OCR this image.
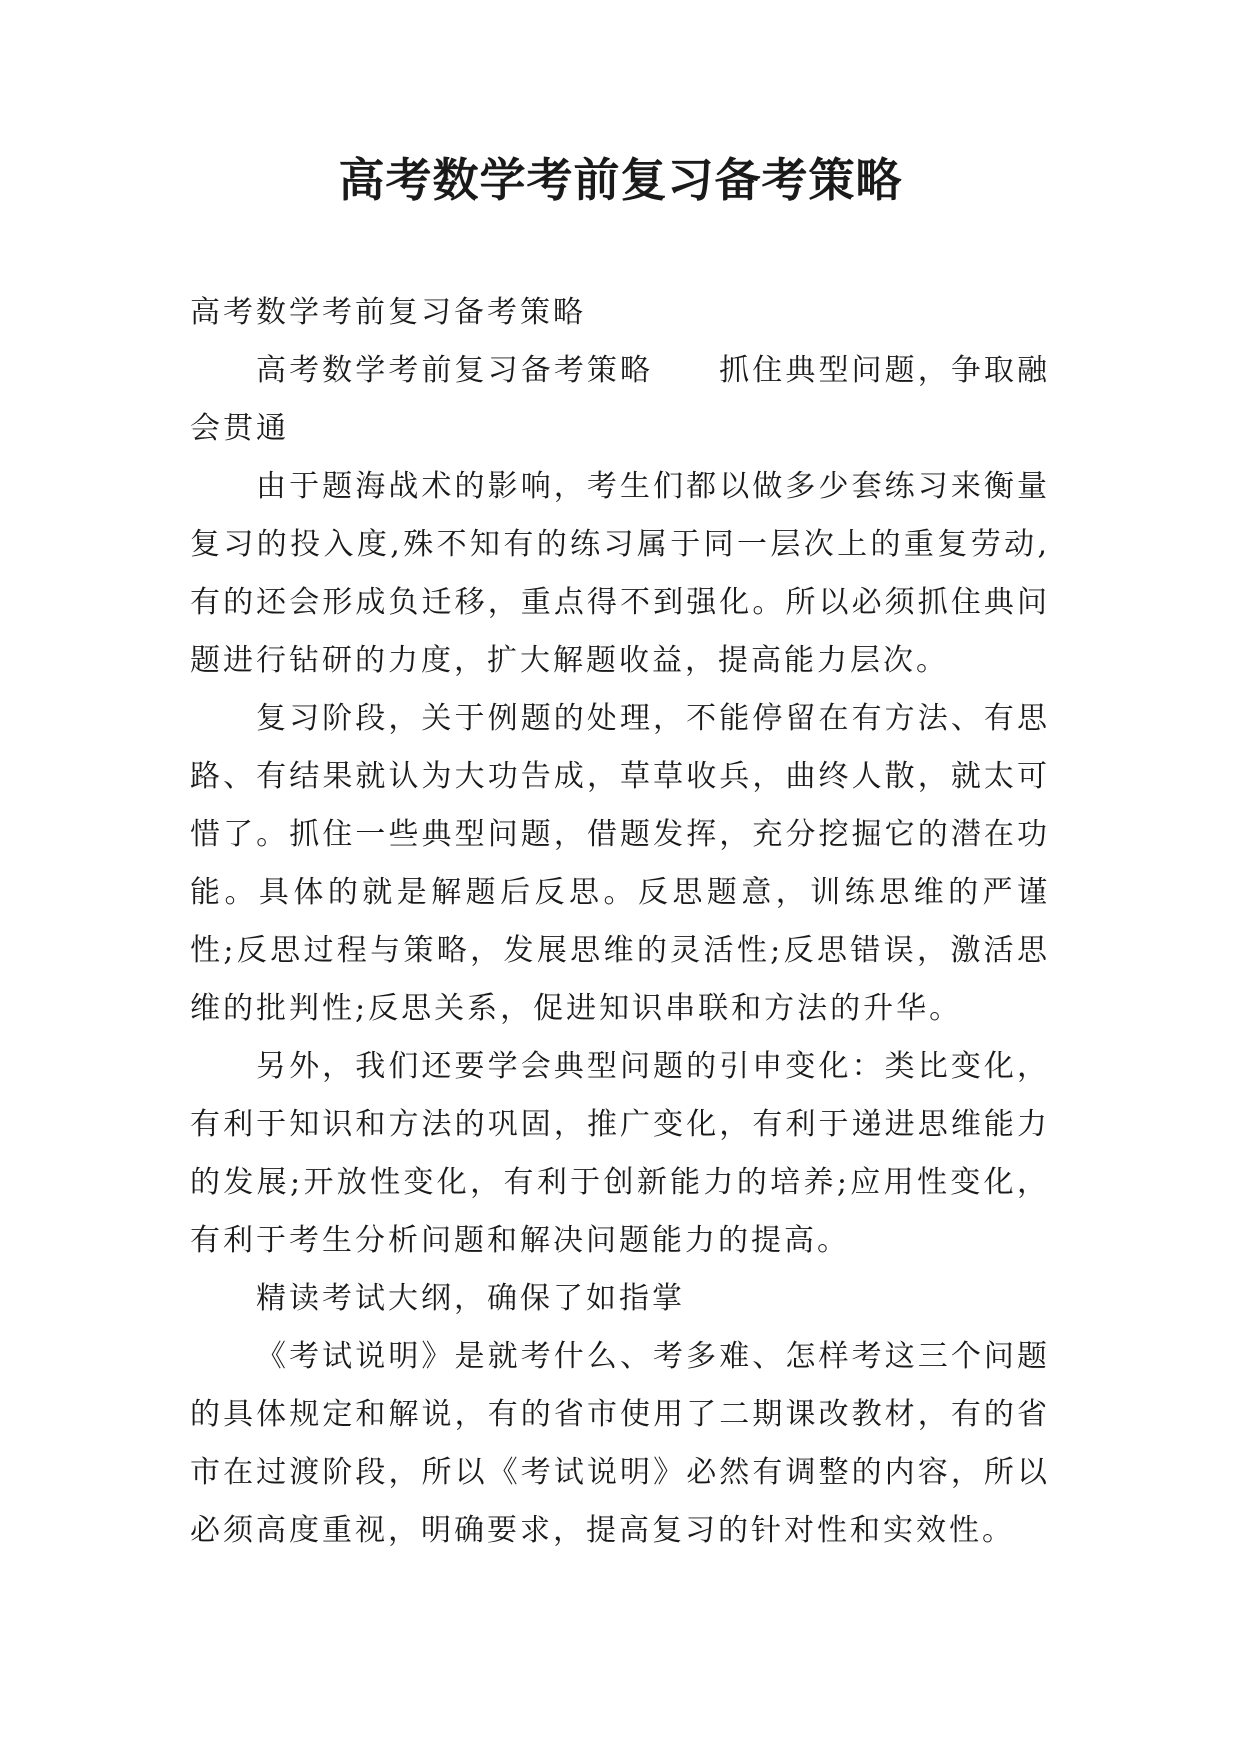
高考数学考前复习备考策略

高考数学考前复习备考策略

高考数学考前复习备考策略 抓住典型问题，争取融会贯通

由于题海战术的影响，考生们都以做多少套练习来衡量复习的投入度,殊不知有的练习属于同一层次上的重复劳动,有的还会形成负迁移，重点得不到强化。所以必须抓住典问题进行钻研的力度，扩大解题收益，提高能力层次。

复习阶段，关于例题的处理，不能停留在有方法、有思路、有结果就认为大功告成，草草收兵，曲终人散，就太可惜了。抓住一些典型问题，借题发挥，充分挖掘它的潜在功能。具体的就是解题后反思。反思题意，训练思维的严谨性;反思过程与策略，发展思维的灵活性;反思错误，激活思维的批判性;反思关系，促进知识串联和方法的升华。

另外，我们还要学会典型问题的引申变化：类比变化，有利于知识和方法的巩固，推广变化，有利于递进思维能力的发展;开放性变化，有利于创新能力的培养;应用性变化，有利于考生分析问题和解决问题能力的提高。

精读考试大纲，确保了如指掌

《考试说明》是就考什么、考多难、怎样考这三个问题的具体规定和解说，有的省市使用了二期课改教材，有的省市在过渡阶段，所以《考试说明》必然有调整的内容，所以必须高度重视，明确要求，提高复习的针对性和实效性。
